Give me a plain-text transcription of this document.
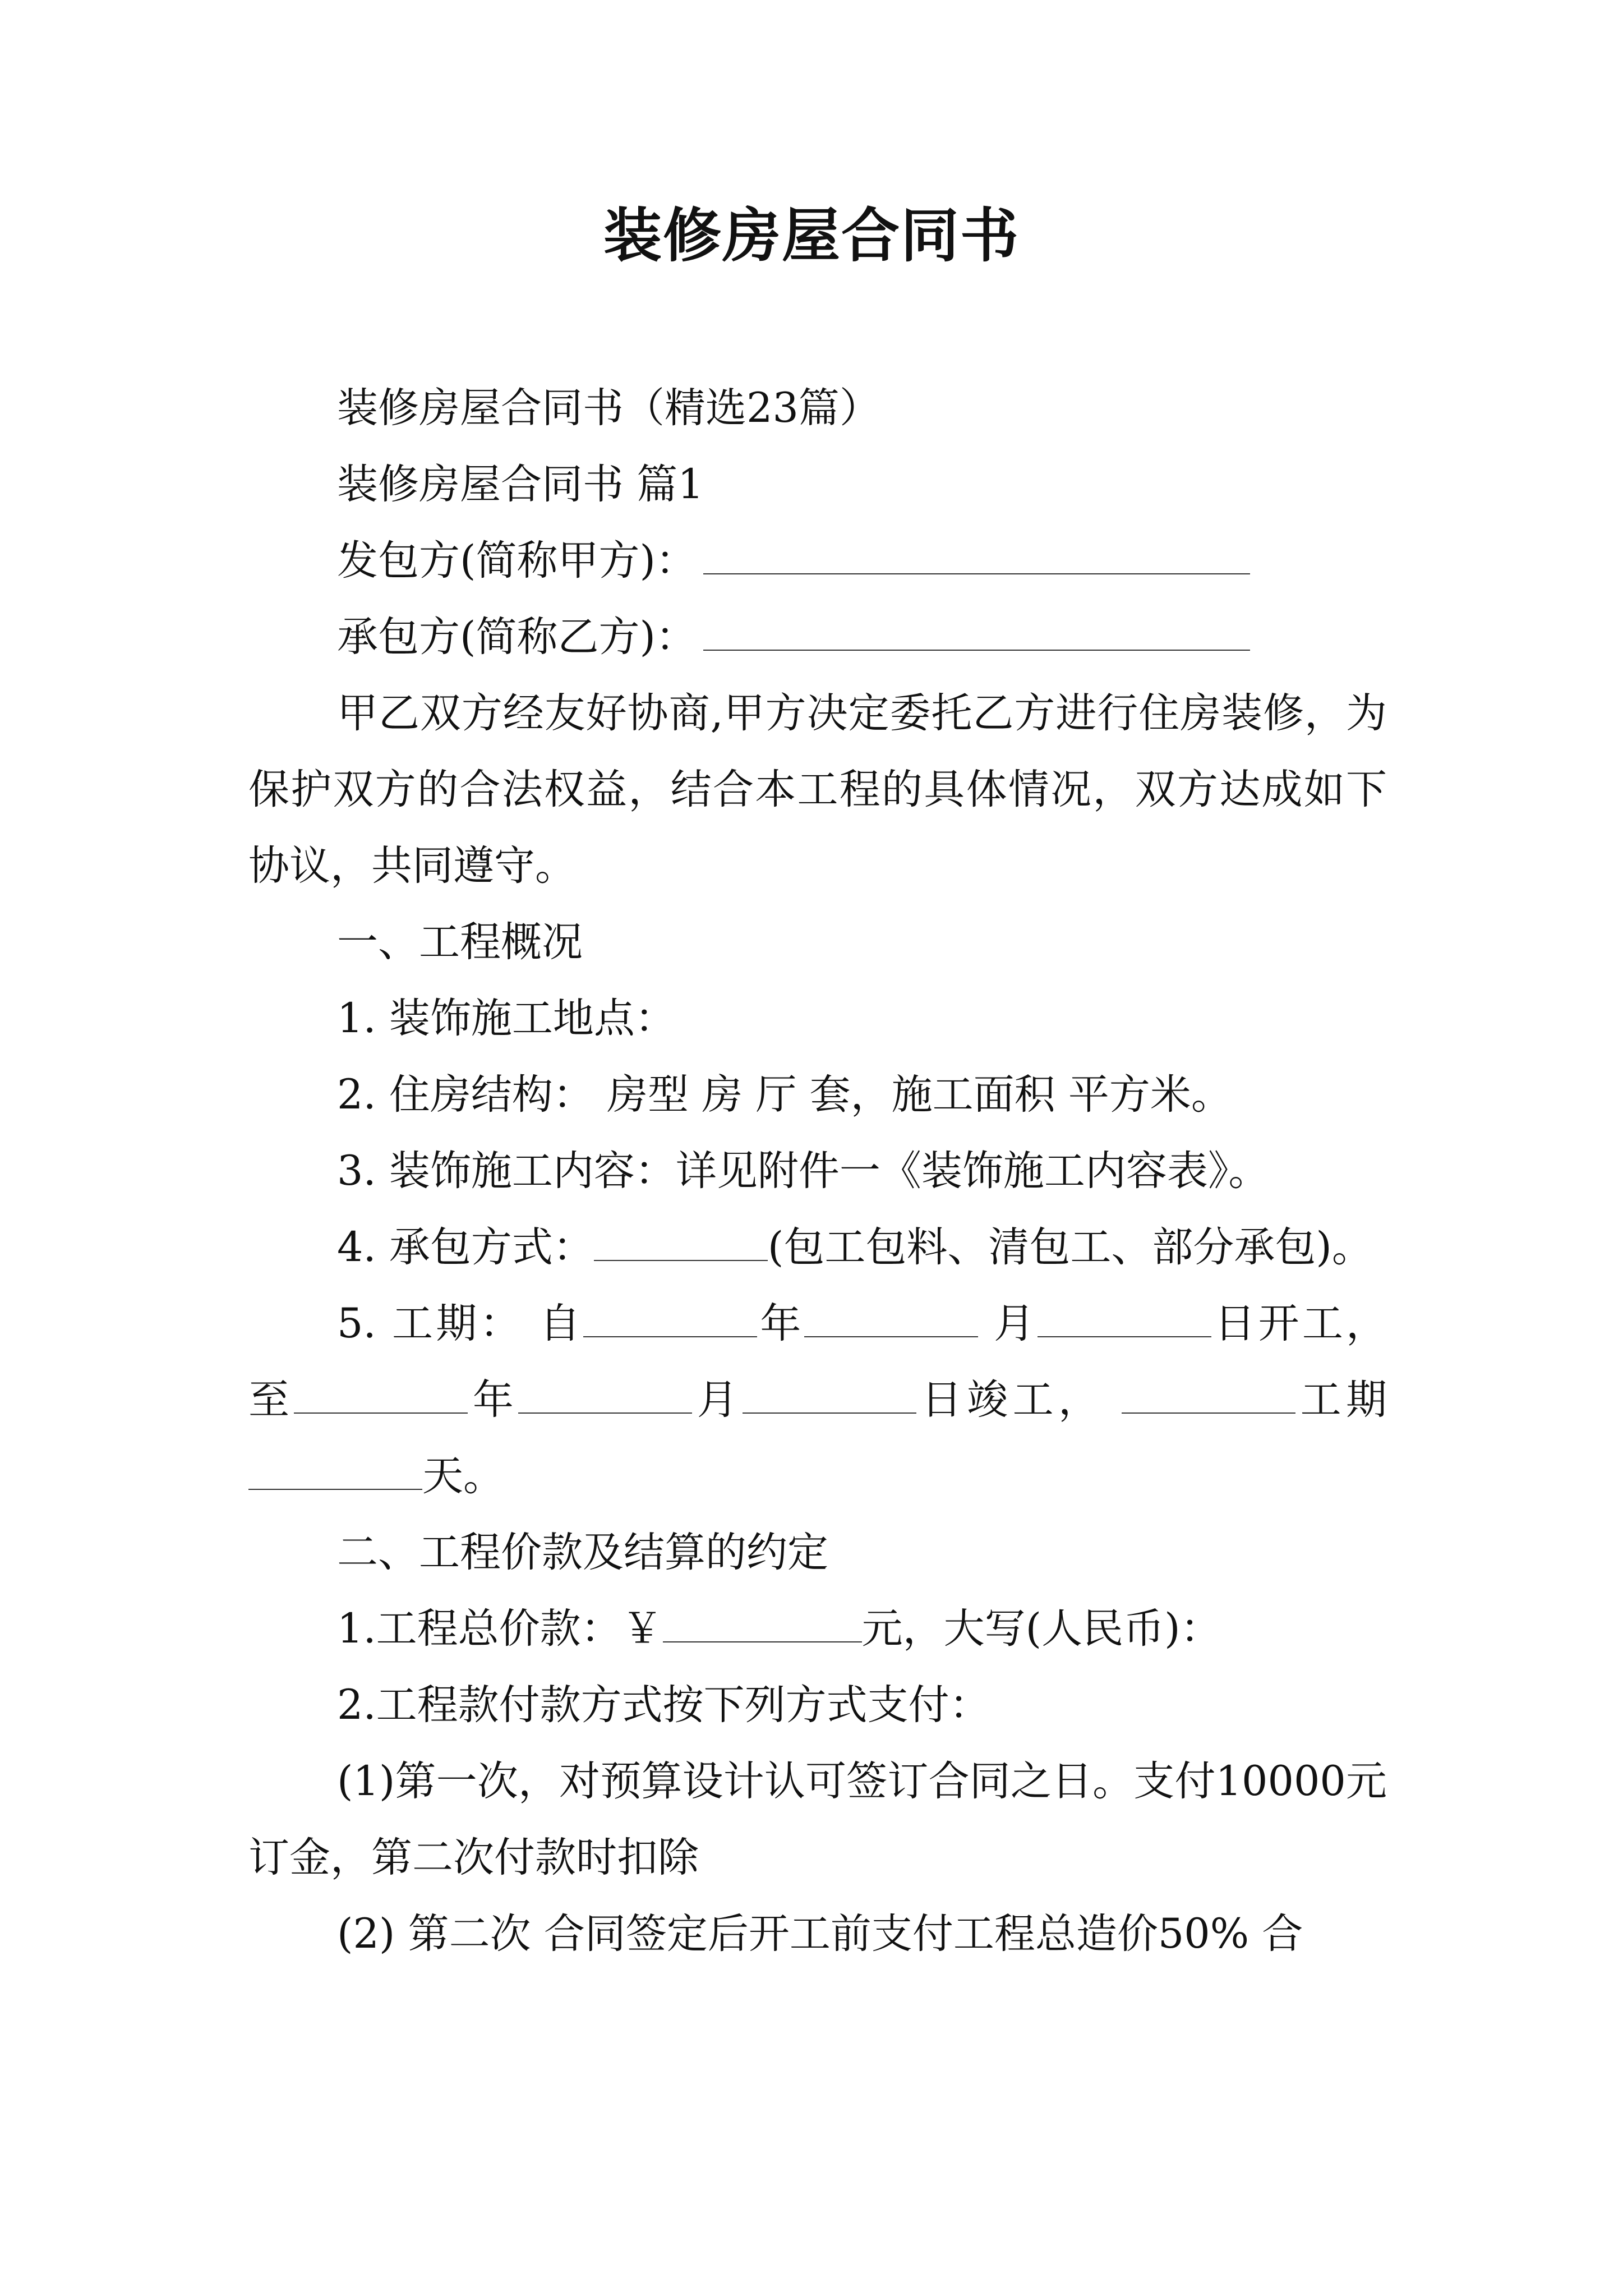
装修房屋合同书

装修房屋合同书（精选23篇）

装修房屋合同书 篇1

发包方(简称甲方)：

承包方(简称乙方)：

甲乙双方经友好协商,甲方决定委托乙方进行住房装修，为保护双方的合法权益，结合本工程的具体情况，双方达成如下协议，共同遵守。

一、工程概况

1. 装饰施工地点：

2. 住房结构： 房型 房 厅 套，施工面积 平方米。

3. 装饰施工内容：详见附件一《装饰施工内容表》。

4. 承包方式：	(包工包料、清包工、部分承包)。

5. 工期： 自	年	月	日开工，至	年	月	日竣工，	工期天。

二、工程价款及结算的约定

1.工程总价款：￥	元，大写(人民币)：

2.工程款付款方式按下列方式支付：

(1)第一次，对预算设计认可签订合同之日。支付10000元订金，第二次付款时扣除

(2) 第二次 合同签定后开工前支付工程总造价50% 合
